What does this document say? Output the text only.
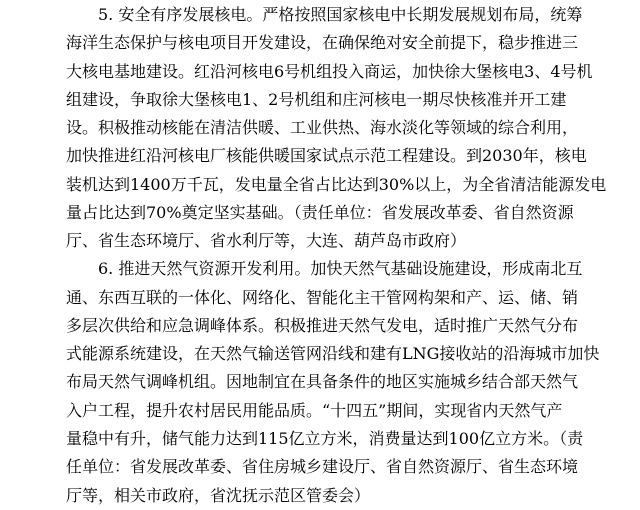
5. 安全有序发展核电。严格按照国家核电中长期发展规划布局，统筹
海洋生态保护与核电项目开发建设，在确保绝对安全前提下，稳步推进三
大核电基地建设。红沿河核电6号机组投入商运，加快徐大堡核电3、4号机
组建设，争取徐大堡核电1、2号机组和庄河核电一期尽快核准并开工建
设。积极推动核能在清洁供暖、工业供热、海水淡化等领域的综合利用，
加快推进红沿河核电厂核能供暖国家试点示范工程建设。到2030年，核电
装机达到1400万千瓦，发电量全省占比达到30%以上，为全省清洁能源发电
量占比达到70%奠定坚实基础。（责任单位：省发展改革委、省自然资源
厅、省生态环境厅、省水利厅等，大连、葫芦岛市政府）
6. 推进天然气资源开发利用。加快天然气基础设施建设，形成南北互
通、东西互联的一体化、网络化、智能化主干管网构架和产、运、储、销
多层次供给和应急调峰体系。积极推进天然气发电，适时推广天然气分布
式能源系统建设，在天然气输送管网沿线和建有LNG接收站的沿海城市加快
布局天然气调峰机组。因地制宜在具备条件的地区实施城乡结合部天然气
入户工程，提升农村居民用能品质。“十四五”期间，实现省内天然气产
量稳中有升，储气能力达到115亿立方米，消费量达到100亿立方米。（责
任单位：省发展改革委、省住房城乡建设厅、省自然资源厅、省生态环境
厅等，相关市政府，省沈抚示范区管委会）
